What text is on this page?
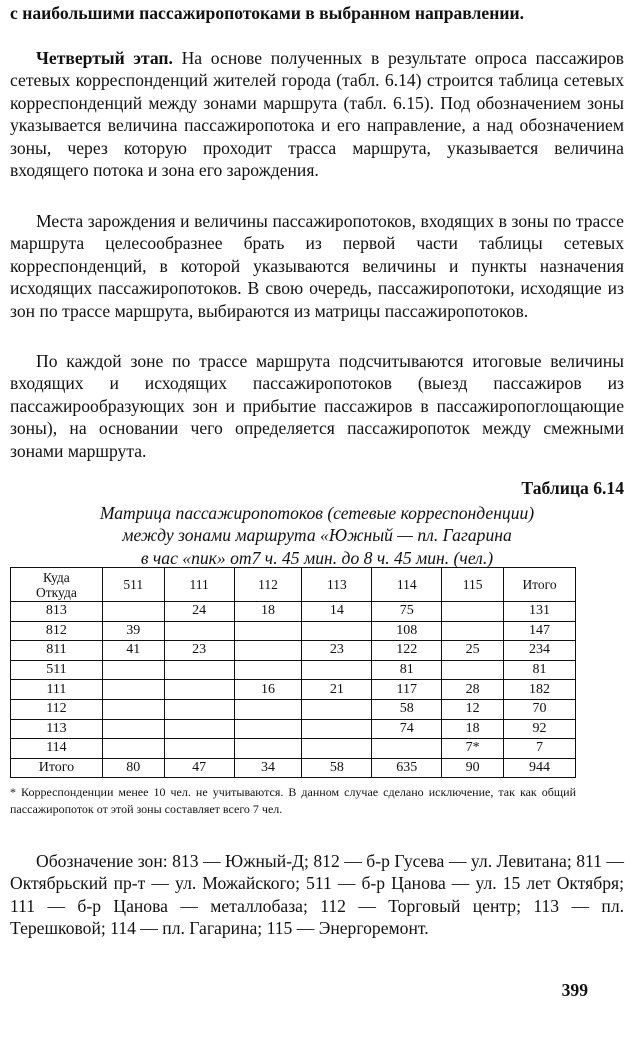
с наибольшими пассажиропотоками в выбранном направлении.

Четвертый этап. На основе полученных в результате опроса пассажиров сетевых корреспонденций жителей города (табл. 6.14) строится таблица сетевых корреспонденций между зонами маршрута (табл. 6.15). Под обозначением зоны указывается величина пассажиропотока и его направление, а над обозначением зоны, через которую проходит трасса маршрута, указывается величина входящего потока и зона его зарождения.

Места зарождения и величины пассажиропотоков, входящих в зоны по трассе маршрута целесообразнее брать из первой части таблицы сетевых корреспонденций, в которой указываются величины и пункты назначения исходящих пассажиропотоков. В свою очередь, пассажиропотоки, исходящие из зон по трассе маршрута, выбираются из матрицы пассажиропотоков.

По каждой зоне по трассе маршрута подсчитываются итоговые величины входящих и исходящих пассажиропотоков (выезд пассажиров из пассажирообразующих зон и прибытие пассажиров в пассажиропоглощающие зоны), на основании чего определяется пассажиропоток между смежными зонами маршрута.

Таблица 6.14
Матрица пассажиропотоков (сетевые корреспонденции)
между зонами маршрута «Южный — пл. Гагарина
в час «пик» от7 ч. 45 мин. до 8 ч. 45 мин. (чел.)
Куда
Откуда	511	111	112	113	114	115	Итого
813		24	18	14	75		131
812	39				108		147
811	41	23		23	122	25	234
511					81		81
111			16	21	117	28	182
112					58	12	70
113					74	18	92
114						7*	7
Итого	80	47	34	58	635	90	944
* Корреспонденции менее 10 чел. не учитываются. В данном случае сделано исключение, так как общий пассажиропоток от этой зоны составляет всего 7 чел.

Обозначение зон: 813 — Южный-Д; 812 — б-р Гусева — ул. Левитана; 811 — Октябрьский пр-т — ул. Можайского; 511 — б-р Цанова — ул. 15 лет Октября; 111 — б-р Цанова — металлобаза; 112 — Торговый центр; 113 — пл. Терешковой; 114 — пл. Гагарина; 115 — Энергоремонт.

399
